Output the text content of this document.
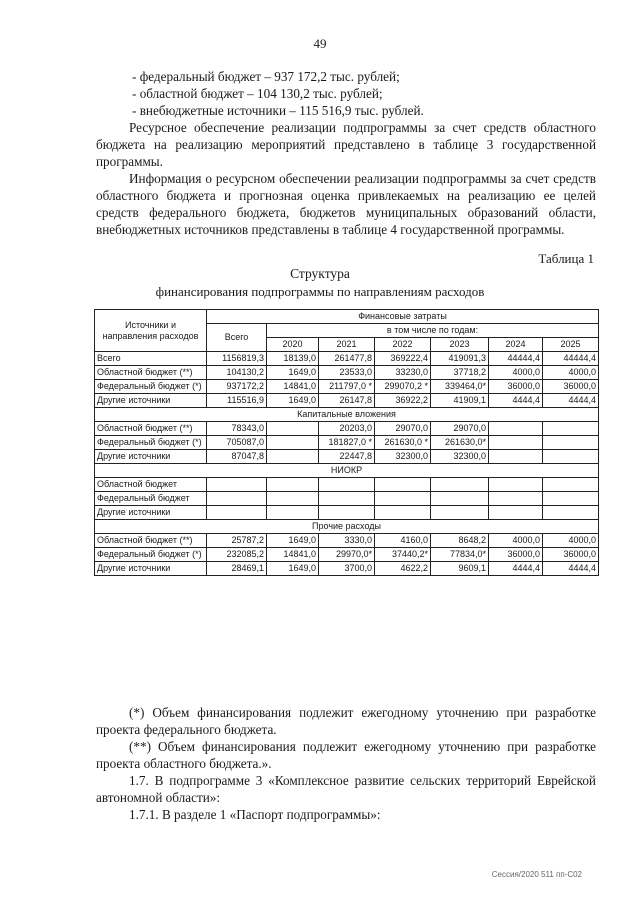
49
- федеральный бюджет – 937 172,2 тыс. рублей;
- областной бюджет – 104 130,2 тыс. рублей;
- внебюджетные источники – 115 516,9 тыс. рублей.
Ресурсное обеспечение реализации подпрограммы за счет средств областного бюджета на реализацию мероприятий представлено в таблице 3 государственной программы.
Информация о ресурсном обеспечении реализации подпрограммы за счет средств областного бюджета и прогнозная оценка привлекаемых на реализацию ее целей средств федерального бюджета, бюджетов муниципальных образований области, внебюджетных источников представлены в таблице 4 государственной программы.
Таблица 1
Структура
финансирования подпрограммы по направлениям расходов
Источники и направления расходов	Финансовые затраты						
	Всего	в том числе по годам:					
		2020	2021	2022	2023	2024	2025
Всего	1156819,3	18139,0	261477,8	369222,4	419091,3	44444,4	44444,4
Областной бюджет (**)	104130,2	1649,0	23533,0	33230,0	37718,2	4000,0	4000,0
Федеральный бюджет (*)	937172,2	14841,0	211797,0 *	299070,2 *	339464,0*	36000,0	36000,0
Другие источники	115516,9	1649,0	26147,8	36922,2	41909,1	4444,4	4444,4
Капитальные вложения							
Областной бюджет (**)	78343,0		20203,0	29070,0	29070,0		
Федеральный бюджет (*)	705087,0		181827,0 *	261630,0 *	261630,0*		
Другие источники	87047,8		22447,8	32300,0	32300,0		
НИОКР							
Областной бюджет							
Федеральный бюджет							
Другие источники							
Прочие расходы							
Областной бюджет (**)	25787,2	1649,0	3330,0	4160,0	8648,2	4000,0	4000,0
Федеральный бюджет (*)	232085,2	14841,0	29970,0*	37440,2*	77834,0*	36000,0	36000,0
Другие источники	28469,1	1649,0	3700,0	4622,2	9609,1	4444,4	4444,4
(*) Объем финансирования подлежит ежегодному уточнению при разработке проекта федерального бюджета.
(**) Объем финансирования подлежит ежегодному уточнению при разработке проекта областного бюджета.».
1.7. В подпрограмме 3 «Комплексное развитие сельских территорий Еврейской автономной области»:
1.7.1. В разделе 1 «Паспорт подпрограммы»:
Сессия/2020 511 пп-С02
